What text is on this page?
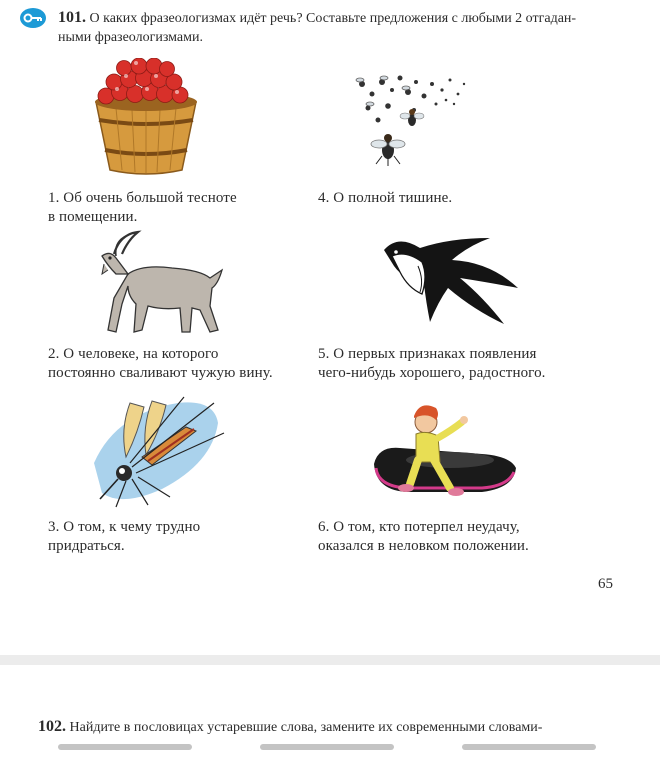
101. О каких фразеологизмах идёт речь? Составьте предложения с любыми 2 отгадан-
ными фразеологизмами.
1. Об очень большой тесноте
в помещении.
4. О полной тишине.
2. О человеке, на которого
постоянно сваливают чужую вину.
5. О первых признаках появления
чего-нибудь хорошего, радостного.
3. О том, к чему трудно
придраться.
6. О том, кто потерпел неудачу,
оказался в неловком положении.
65
102. Найдите в пословицах устаревшие слова, замените их современными словами-
